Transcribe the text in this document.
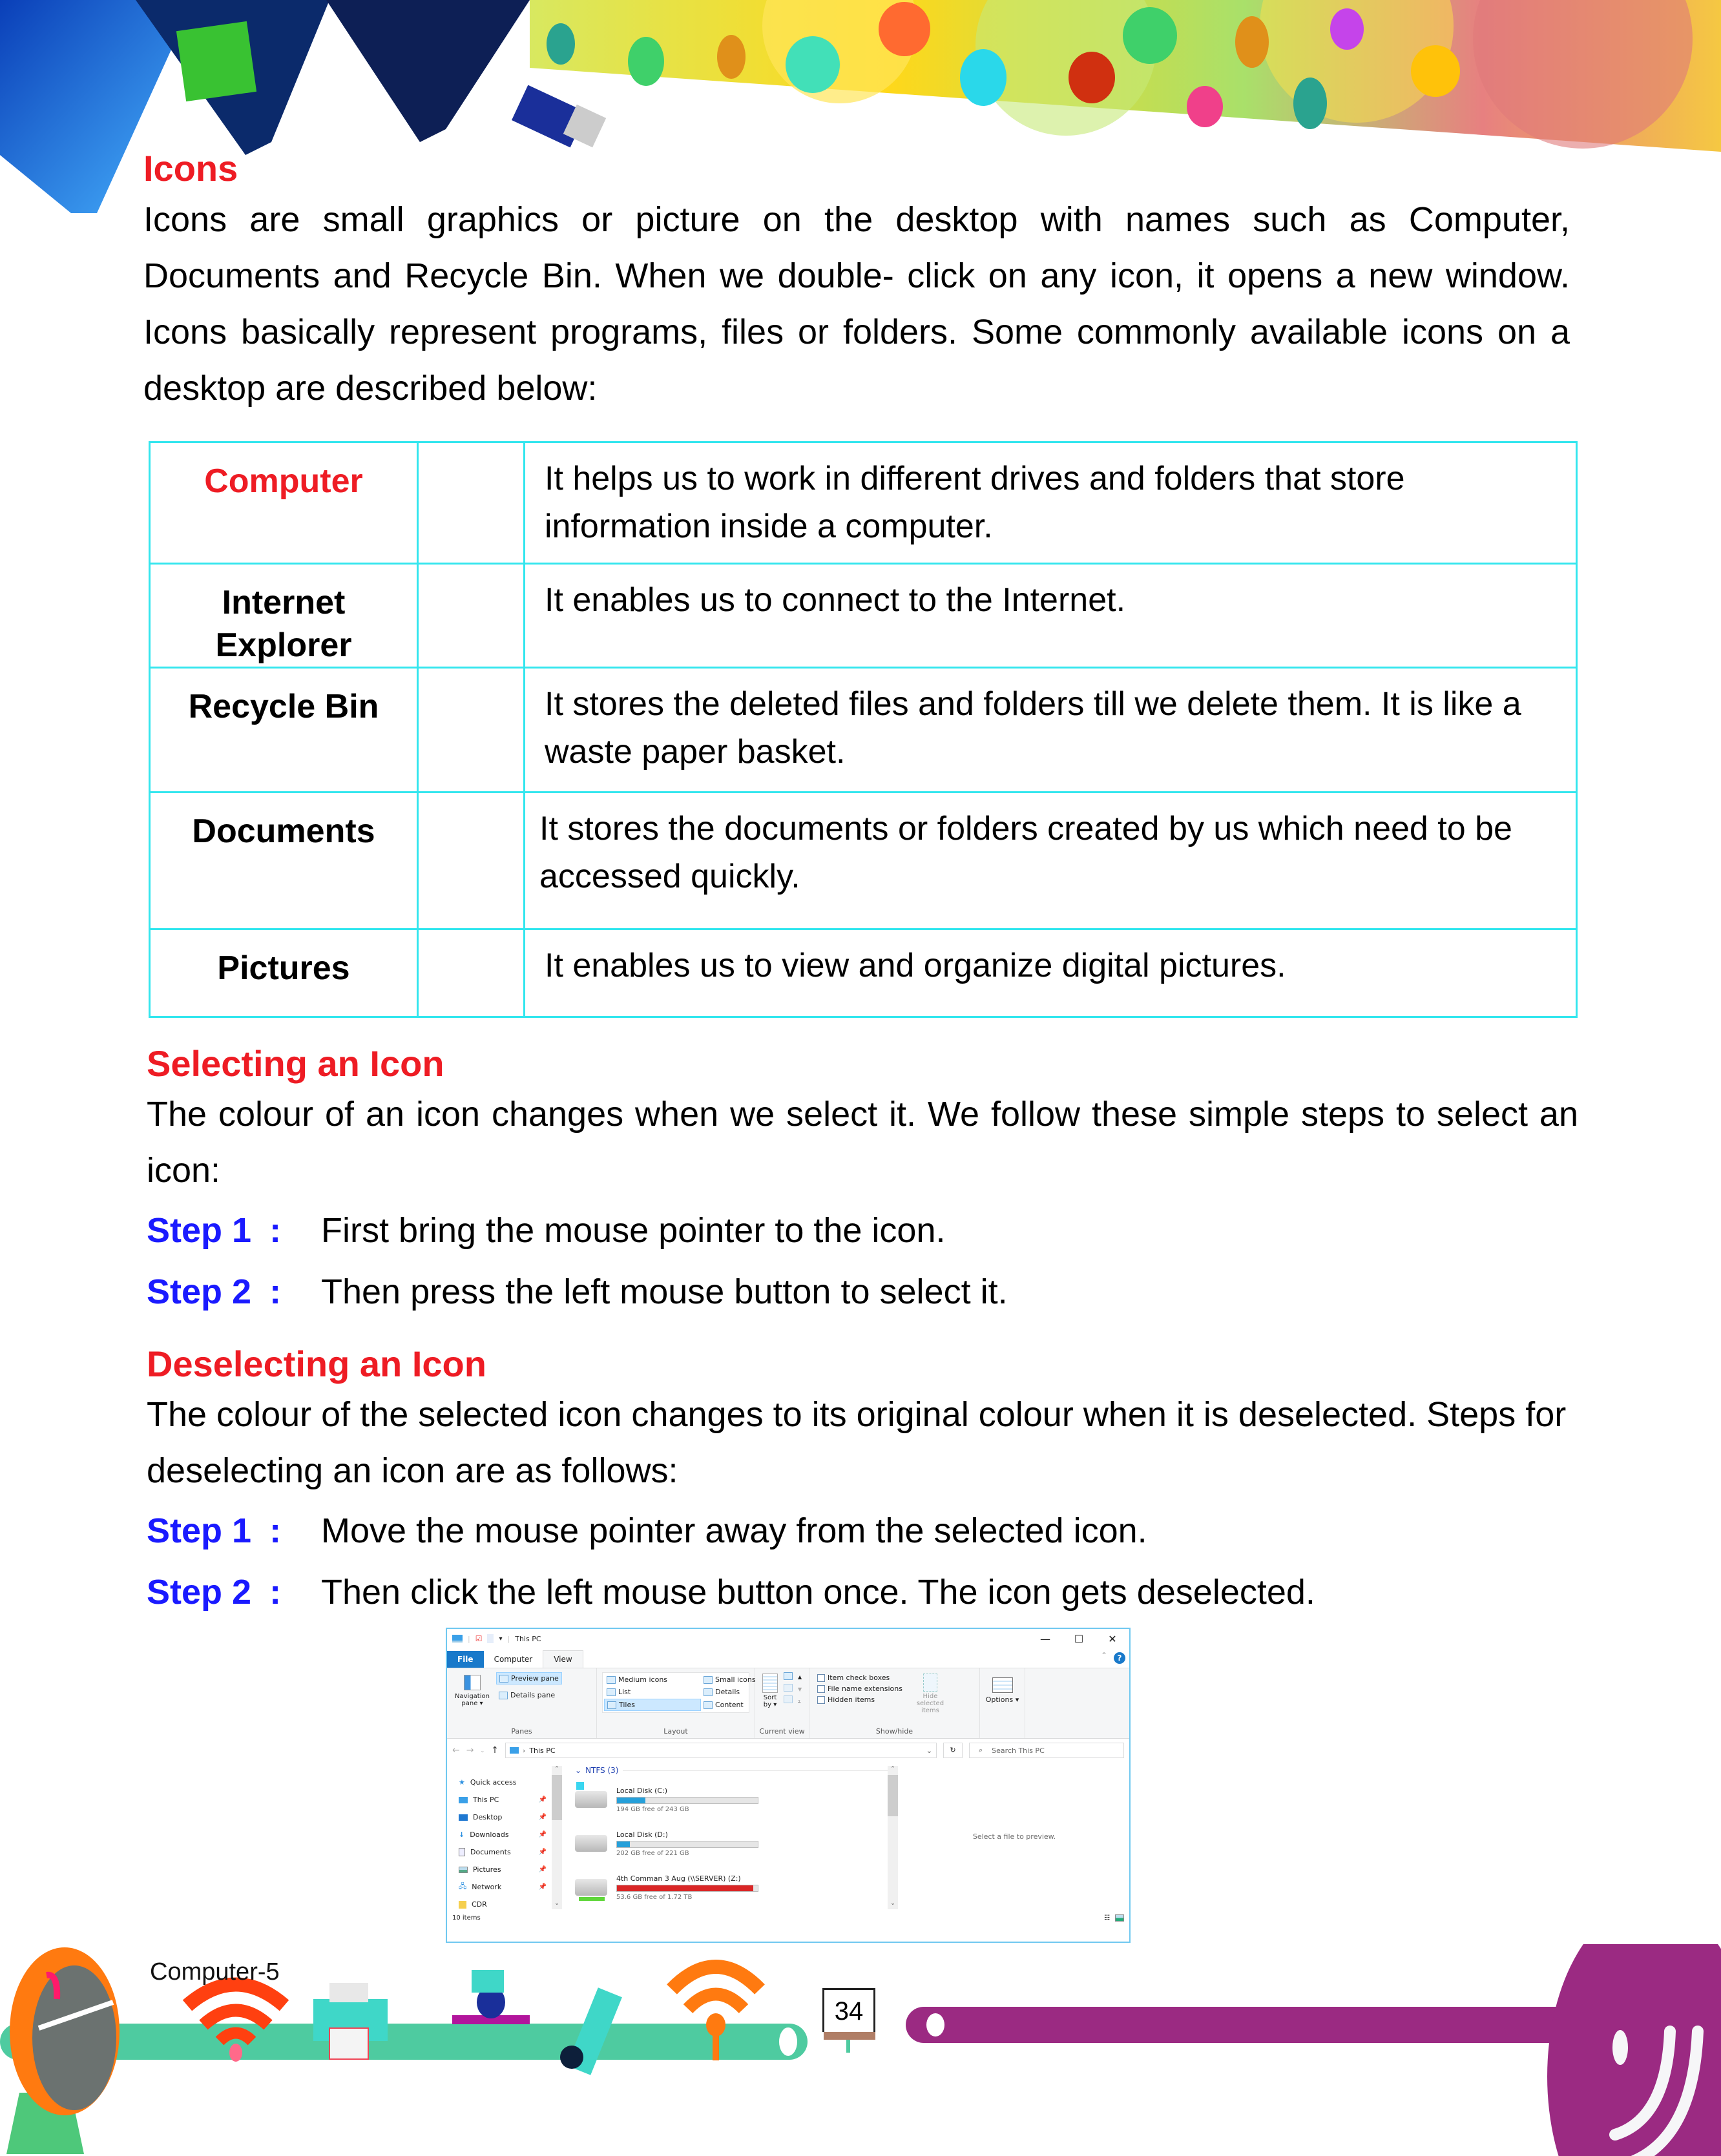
Icons

Icons are small graphics or picture on the desktop with names such as Computer, Documents and Recycle Bin. When we double- click on any icon, it opens a new window. Icons basically represent programs, files or folders. Some commonly available icons on a desktop are described below:

Computer		It helps us to work in different drives and folders that store information inside a computer.
Internet Explorer		It enables us to connect to the Internet.
Recycle Bin		It stores the deleted files and folders till we delete them. It is like a waste paper basket.
Documents		It stores the documents or folders created by us which need to be accessed quickly.
Pictures		It enables us to view and organize digital pictures.
Selecting an Icon

The colour of an icon changes when we select it. We follow these simple steps to select an icon:

Step 1 : First bring the mouse pointer to the icon.
Step 2 : Then press the left mouse button to select it.
Deselecting an Icon

The colour of the selected icon changes to its original colour when it is deselected. Steps for deselecting an icon are as follows:

Step 1 : Move the mouse pointer away from the selected icon.
Step 2 : Then click the left mouse button once. The icon gets deselected.
| ☑	▾ | This PC	—	☐	✕
File	Computer	View	⌃	?
Navigation pane ▾
Preview pane
Details pane
Panes
Medium icons	Small icons	▲
List	Details	▼
Tiles	Content	⩡
Layout
Sort by ▾
Current view
Item check boxes
File name extensions
Hidden items	Hide selected items
Show/hide
Options ▾
← → ⌄ ↑	› This PC	⌄	↻	⌕ Search This PC
★ Quick access
This PC	📌
Desktop	📌
↓ Downloads	📌
Documents	📌
Pictures	📌
🖧 Network	📌
CDR
⌃
⌄
⌄ NTFS (3)
Local Disk (C:)
194 GB free of 243 GB
Local Disk (D:)
202 GB free of 221 GB
4th Comman 3 Aug (\\SERVER) (Z:)
53.6 GB free of 1.72 TB
⌃
⌄
Select a file to preview.
10 items	☷
Computer-5
34
